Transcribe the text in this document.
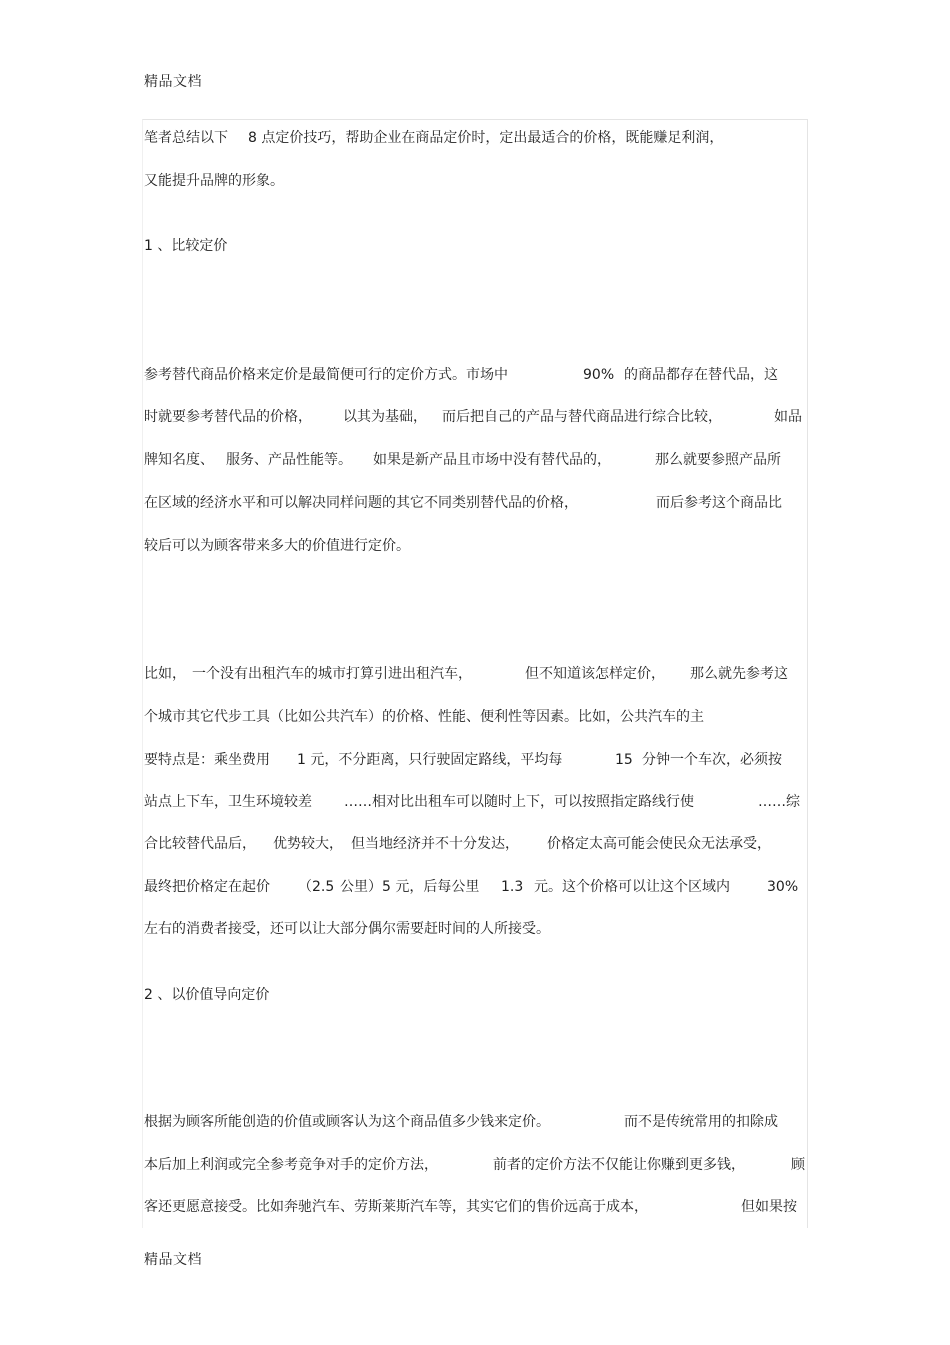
精品文档
笔者总结以下 8 点定价技巧，帮助企业在商品定价时，定出最适合的价格，既能赚足利润，
又能提升品牌的形象。
1 、比较定价
参考替代商品价格来定价是最简便可行的定价方式。市场中	90% 的商品都存在替代品，这
时就要参考替代品的价格， 以其为基础， 而后把自己的产品与替代商品进行综合比较，	如品
牌知名度、 服务、产品性能等。 如果是新产品且市场中没有替代品的，	那么就要参照产品所
在区域的经济水平和可以解决同样问题的其它不同类别替代品的价格，	而后参考这个商品比
较后可以为顾客带来多大的价值进行定价。
比如， 一个没有出租汽车的城市打算引进出租汽车，	但不知道该怎样定价， 那么就先参考这
个城市其它代步工具（比如公共汽车）的价格、性能、便利性等因素。比如，公共汽车的主
要特点是：乘坐费用 1 元，不分距离，只行驶固定路线，平均每	15 分钟一个车次，必须按
站点上下车，卫生环境较差 ……相对比出租车可以随时上下，可以按照指定路线行使	……综
合比较替代品后， 优势较大， 但当地经济并不十分发达， 价格定太高可能会使民众无法承受，
最终把价格定在起价 （2.5 公里）5 元，后每公里 1.3 元。这个价格可以让这个区域内	30%
左右的消费者接受，还可以让大部分偶尔需要赶时间的人所接受。
2 、以价值导向定价
根据为顾客所能创造的价值或顾客认为这个商品值多少钱来定价。	而不是传统常用的扣除成
本后加上利润或完全参考竞争对手的定价方法，	前者的定价方法不仅能让你赚到更多钱，	顾
客还更愿意接受。比如奔驰汽车、劳斯莱斯汽车等，其实它们的售价远高于成本，	但如果按
精品文档
